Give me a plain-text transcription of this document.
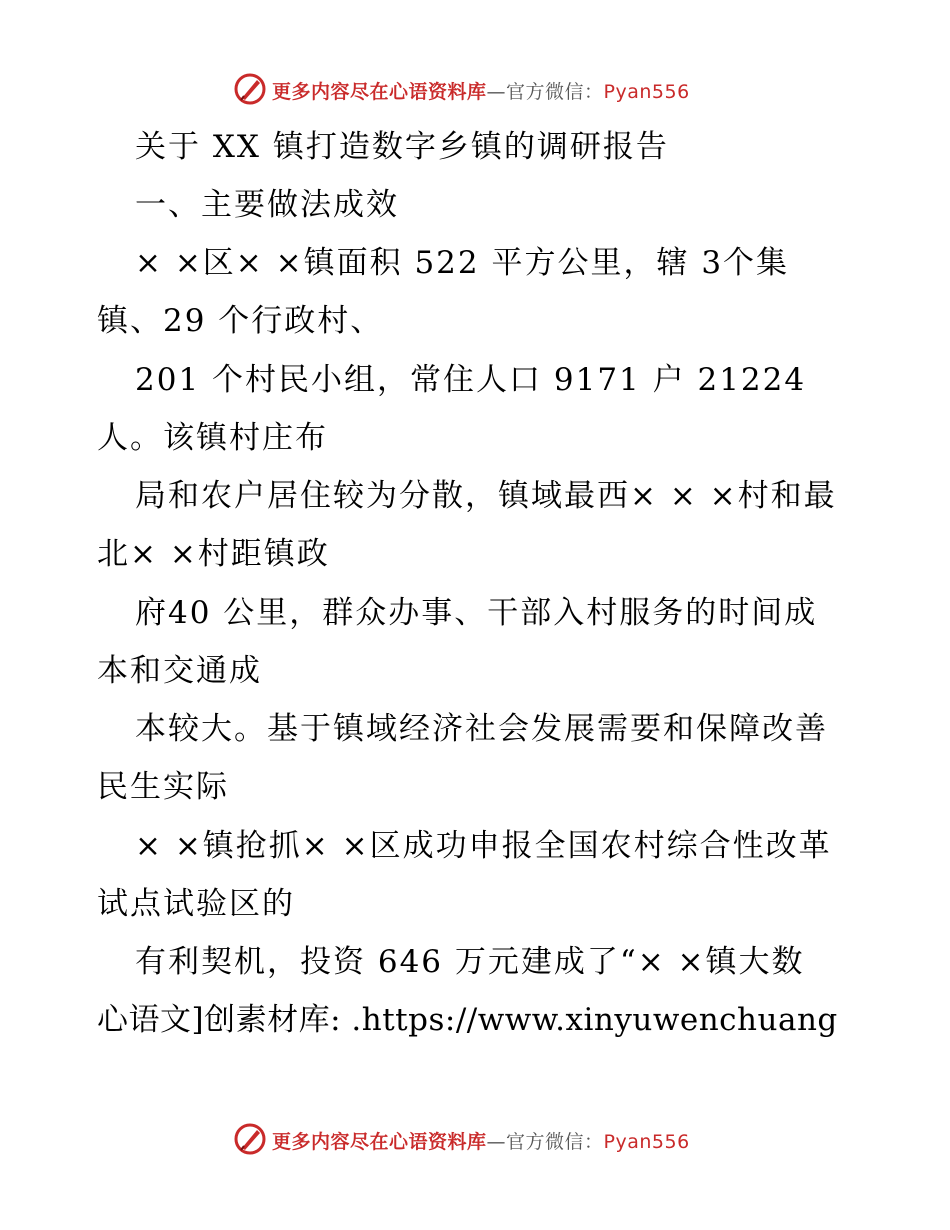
更多内容尽在心语资料库—官方微信：Pyan556

关于 XX 镇打造数字乡镇的调研报告

一、主要做法成效

× ×区× ×镇面积 522 平方公里，辖 3个集

镇、29 个行政村、

201 个村民小组，常住人口 9171 户 21224

人。该镇村庄布

局和农户居住较为分散，镇域最西× × ×村和最

北× ×村距镇政

府40 公里，群众办事、干部入村服务的时间成

本和交通成

本较大。基于镇域经济社会发展需要和保障改善

民生实际

× ×镇抢抓× ×区成功申报全国农村综合性改革

试点试验区的

有利契机，投资 646 万元建成了“× ×镇大数

心语文]创素材库: .https://www.xinyuwenchuang

更多内容尽在心语资料库—官方微信：Pyan556
